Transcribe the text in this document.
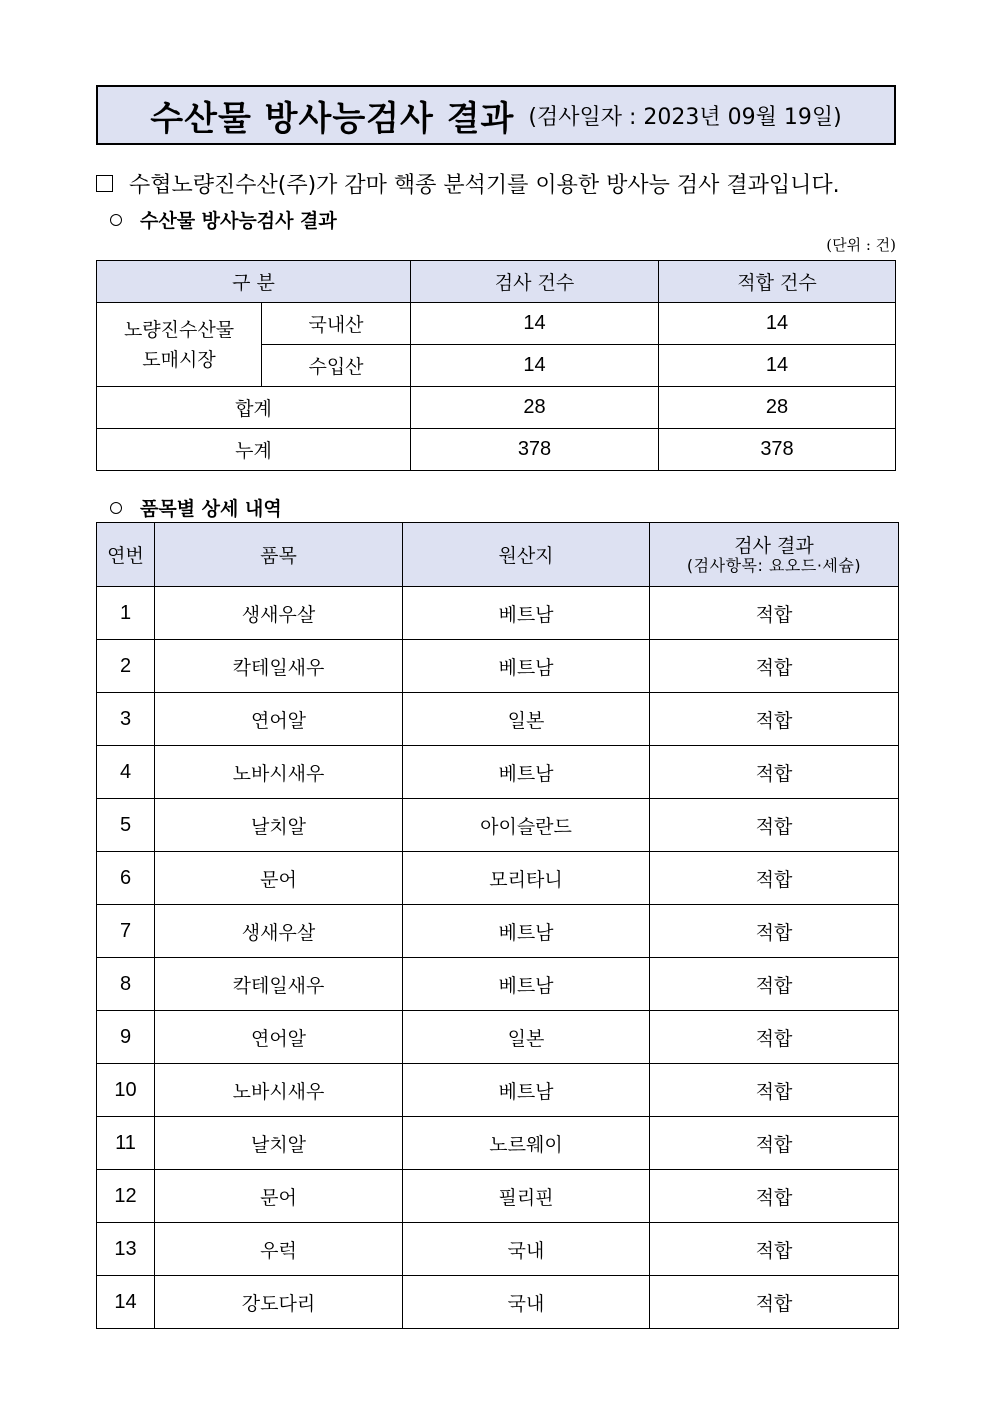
수산물 방사능검사 결과 (검사일자 : 2023년 09월 19일)
수협노량진수산(주)가 감마 핵종 분석기를 이용한 방사능 검사 결과입니다.
수산물 방사능검사 결과
(단위 : 건)
구 분		검사 건수	적합 건수
노량진수산물
도매시장	국내산	14	14
	수입산	14	14
합계		28	28
누계		378	378
품목별 상세 내역
연번	품목	원산지	검사 결과
(검사항목: 요오드·세슘)

1	생새우살	베트남	적합
2	칵테일새우	베트남	적합
3	연어알	일본	적합
4	노바시새우	베트남	적합
5	날치알	아이슬란드	적합
6	문어	모리타니	적합
7	생새우살	베트남	적합
8	칵테일새우	베트남	적합
9	연어알	일본	적합
10	노바시새우	베트남	적합
11	날치알	노르웨이	적합
12	문어	필리핀	적합
13	우럭	국내	적합
14	강도다리	국내	적합
